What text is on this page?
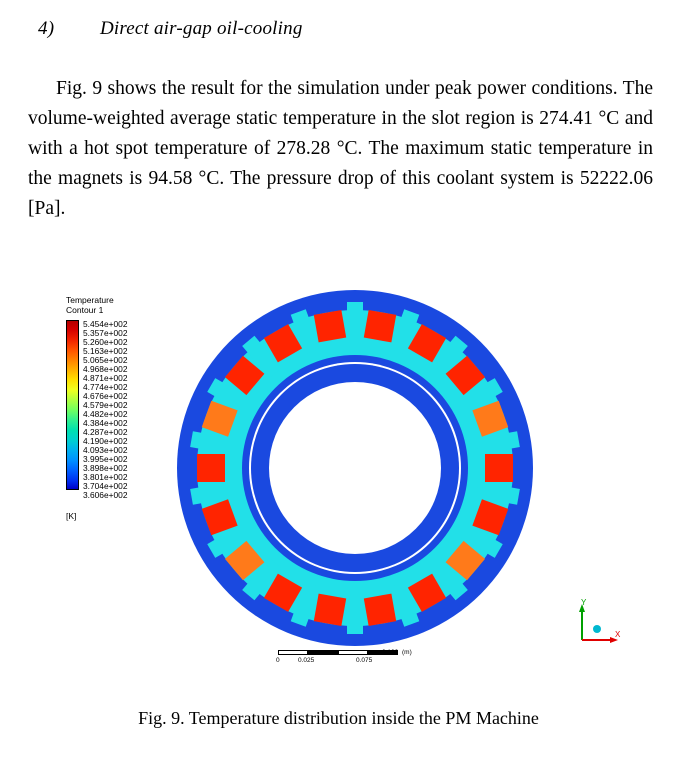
4) Direct air-gap oil-cooling
Fig. 9 shows the result for the simulation under peak power conditions. The volume-weighted average static temperature in the slot region is 274.41 °C and with a hot spot temperature of 278.28 °C. The maximum static temperature in the magnets is 94.58 °C. The pressure drop of this coolant system is 52222.06 [Pa].
Temperature
Contour 1
5.454e+002
5.357e+002
5.260e+002
5.163e+002
5.065e+002
4.968e+002
4.871e+002
4.774e+002
4.676e+002
4.579e+002
4.482e+002
4.384e+002
4.287e+002
4.190e+002
4.093e+002
3.995e+002
3.898e+002
3.801e+002
3.704e+002
3.606e+002
[K]
Y
X
0	0.025	0.075
0.100 (m)
Fig. 9. Temperature distribution inside the PM Machine
